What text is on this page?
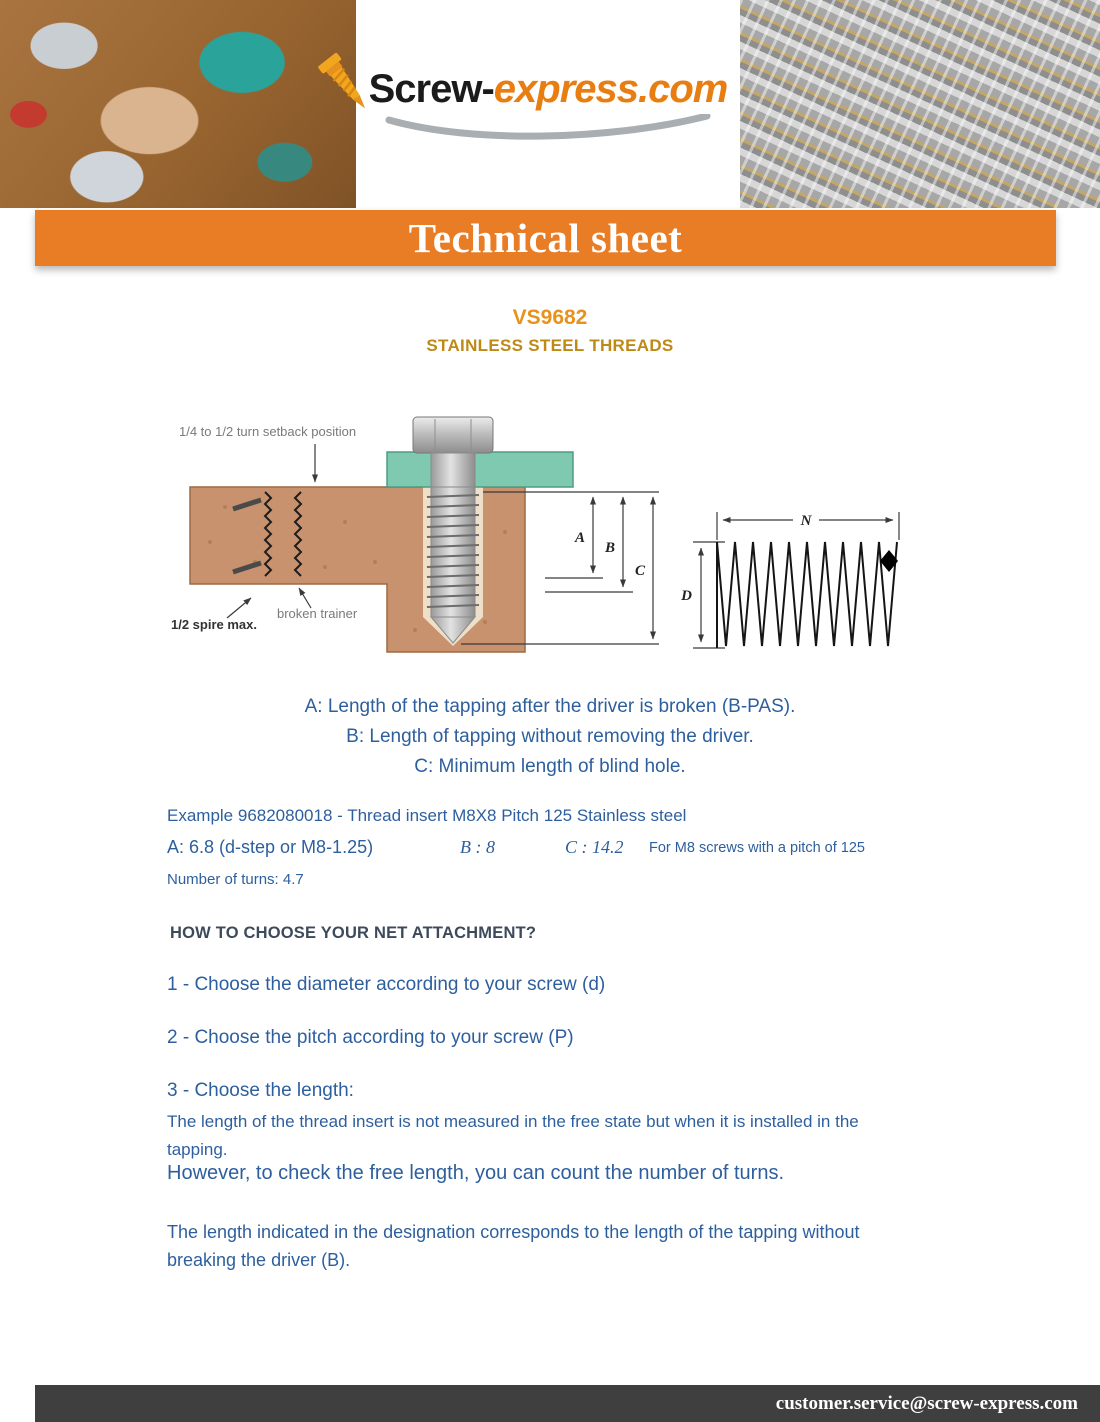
Screw-express.com
Technical sheet
VS9682
STAINLESS STEEL THREADS
A
B
C
N
D
1/4 to 1/2 turn setback position
1/2 spire max.
broken trainer
A: Length of the tapping after the driver is broken (B-PAS).
B: Length of tapping without removing the driver.
C: Minimum length of blind hole.
Example 9682080018 - Thread insert M8X8 Pitch 125 Stainless steel
A: 6.8 (d-step or M8-1.25)	B : 8	C : 14.2 For M8 screws with a pitch of 125
Number of turns: 4.7
HOW TO CHOOSE YOUR NET ATTACHMENT?
1 - Choose the diameter according to your screw (d)
2 - Choose the pitch according to your screw (P)
3 - Choose the length:
The length of the thread insert is not measured in the free state but when it is installed in the tapping.
However, to check the free length, you can count the number of turns.
The length indicated in the designation corresponds to the length of the tapping without breaking the driver (B).
customer.service@screw-express.com
